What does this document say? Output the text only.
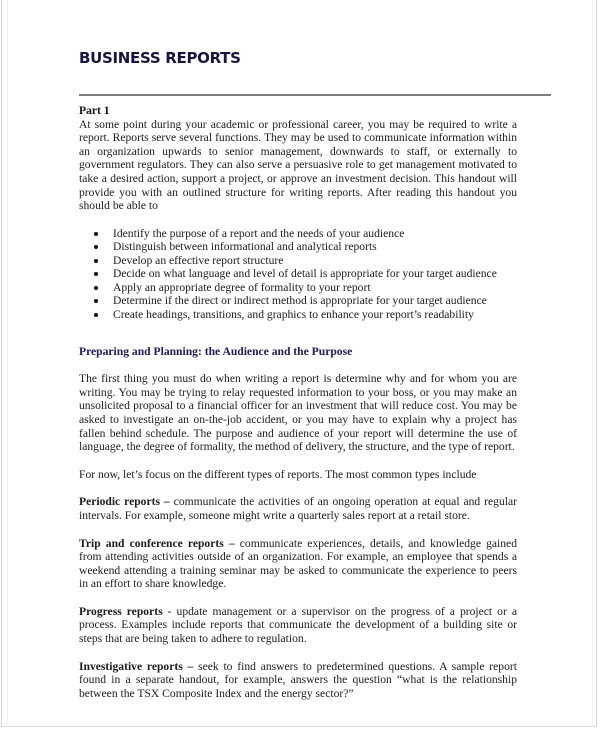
BUSINESS REPORTS

Part 1

At some point during your academic or professional career, you may be required to write a report. Reports serve several functions. They may be used to communicate information within an organization upwards to senior management, downwards to staff, or externally to government regulators. They can also serve a persuasive role to get management motivated to take a desired action, support a project, or approve an investment decision. This handout will provide you with an outlined structure for writing reports. After reading this handout you should be able to

Identify the purpose of a report and the needs of your audience
Distinguish between informational and analytical reports
Develop an effective report structure
Decide on what language and level of detail is appropriate for your target audience
Apply an appropriate degree of formality to your report
Determine if the direct or indirect method is appropriate for your target audience
Create headings, transitions, and graphics to enhance your report’s readability

Preparing and Planning: the Audience and the Purpose

The first thing you must do when writing a report is determine why and for whom you are writing. You may be trying to relay requested information to your boss, or you may make an unsolicited proposal to a financial officer for an investment that will reduce cost. You may be asked to investigate an on-the-job accident, or you may have to explain why a project has fallen behind schedule. The purpose and audience of your report will determine the use of language, the degree of formality, the method of delivery, the structure, and the type of report.

For now, let’s focus on the different types of reports. The most common types include

Periodic reports – communicate the activities of an ongoing operation at equal and regular intervals. For example, someone might write a quarterly sales report at a retail store.

Trip and conference reports – communicate experiences, details, and knowledge gained from attending activities outside of an organization. For example, an employee that spends a weekend attending a training seminar may be asked to communicate the experience to peers in an effort to share knowledge.

Progress reports - update management or a supervisor on the progress of a project or a process. Examples include reports that communicate the development of a building site or steps that are being taken to adhere to regulation.

Investigative reports – seek to find answers to predetermined questions. A sample report found in a separate handout, for example, answers the question “what is the relationship between the TSX Composite Index and the energy sector?”
